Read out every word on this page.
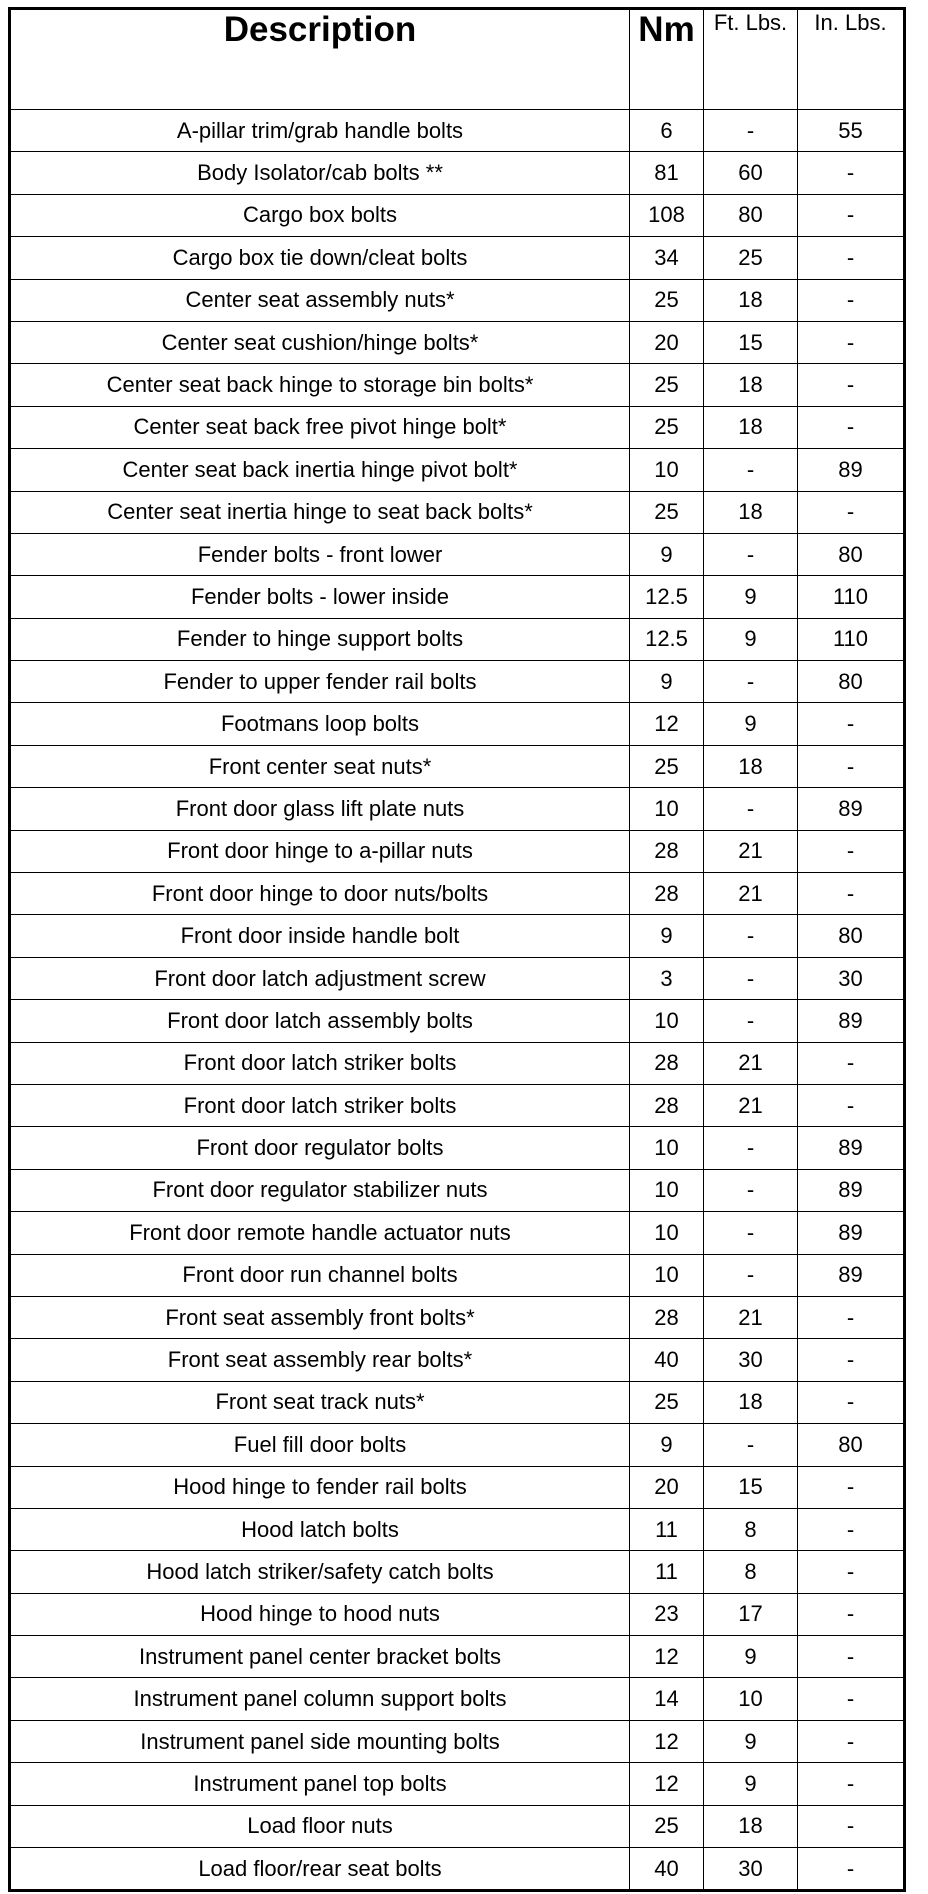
Description	Nm	Ft. Lbs.	In. Lbs.
A-pillar trim/grab handle bolts	6	-	55
Body Isolator/cab bolts **	81	60	-
Cargo box bolts	108	80	-
Cargo box tie down/cleat bolts	34	25	-
Center seat assembly nuts*	25	18	-
Center seat cushion/hinge bolts*	20	15	-
Center seat back hinge to storage bin bolts*	25	18	-
Center seat back free pivot hinge bolt*	25	18	-
Center seat back inertia hinge pivot bolt*	10	-	89
Center seat inertia hinge to seat back bolts*	25	18	-
Fender bolts - front lower	9	-	80
Fender bolts - lower inside	12.5	9	110
Fender to hinge support bolts	12.5	9	110
Fender to upper fender rail bolts	9	-	80
Footmans loop bolts	12	9	-
Front center seat nuts*	25	18	-
Front door glass lift plate nuts	10	-	89
Front door hinge to a-pillar nuts	28	21	-
Front door hinge to door nuts/bolts	28	21	-
Front door inside handle bolt	9	-	80
Front door latch adjustment screw	3	-	30
Front door latch assembly bolts	10	-	89
Front door latch striker bolts	28	21	-
Front door latch striker bolts	28	21	-
Front door regulator bolts	10	-	89
Front door regulator stabilizer nuts	10	-	89
Front door remote handle actuator nuts	10	-	89
Front door run channel bolts	10	-	89
Front seat assembly front bolts*	28	21	-
Front seat assembly rear bolts*	40	30	-
Front seat track nuts*	25	18	-
Fuel fill door bolts	9	-	80
Hood hinge to fender rail bolts	20	15	-
Hood latch bolts	11	8	-
Hood latch striker/safety catch bolts	11	8	-
Hood hinge to hood nuts	23	17	-
Instrument panel center bracket bolts	12	9	-
Instrument panel column support bolts	14	10	-
Instrument panel side mounting bolts	12	9	-
Instrument panel top bolts	12	9	-
Load floor nuts	25	18	-
Load floor/rear seat bolts	40	30	-
